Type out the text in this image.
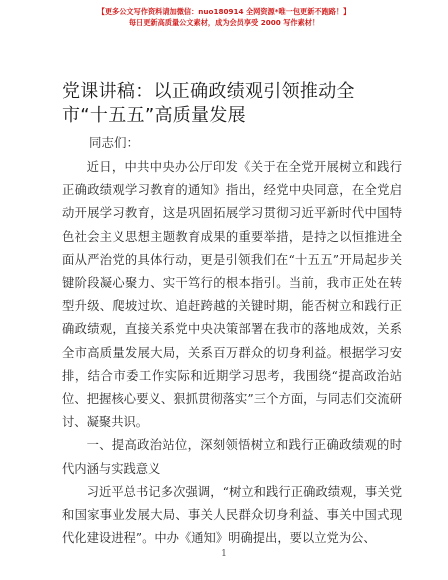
【更多公文写作资料请加微信：nuo180914 全网资源*唯一包更新不跑路！】
每日更新高质量公文素材，成为会员享受 2000 写作素材！
党课讲稿：以正确政绩观引领推动全市“十五五”高质量发展
同志们：

近日，中共中央办公厅印发《关于在全党开展树立和践行正确政绩观学习教育的通知》指出，经党中央同意，在全党启动开展学习教育，这是巩固拓展学习贯彻习近平新时代中国特色社会主义思想主题教育成果的重要举措，是持之以恒推进全面从严治党的具体行动，更是引领我们在“十五五”开局起步关键阶段凝心聚力、实干笃行的根本指引。当前，我市正处在转型升级、爬坡过坎、追赶跨越的关键时期，能否树立和践行正确政绩观，直接关系党中央决策部署在我市的落地成效，关系全市高质量发展大局，关系百万群众的切身利益。根据学习安排，结合市委工作实际和近期学习思考，我围绕“提高政治站位、把握核心要义、狠抓贯彻落实”三个方面，与同志们交流研讨、凝聚共识。

一、提高政治站位，深刻领悟树立和践行正确政绩观的时代内涵与实践意义

习近平总书记多次强调，“树立和践行正确政绩观，事关党和国家事业发展大局、事关人民群众切身利益、事关中国式现代化建设进程”。中办《通知》明确提出，要以立党为公、

1
